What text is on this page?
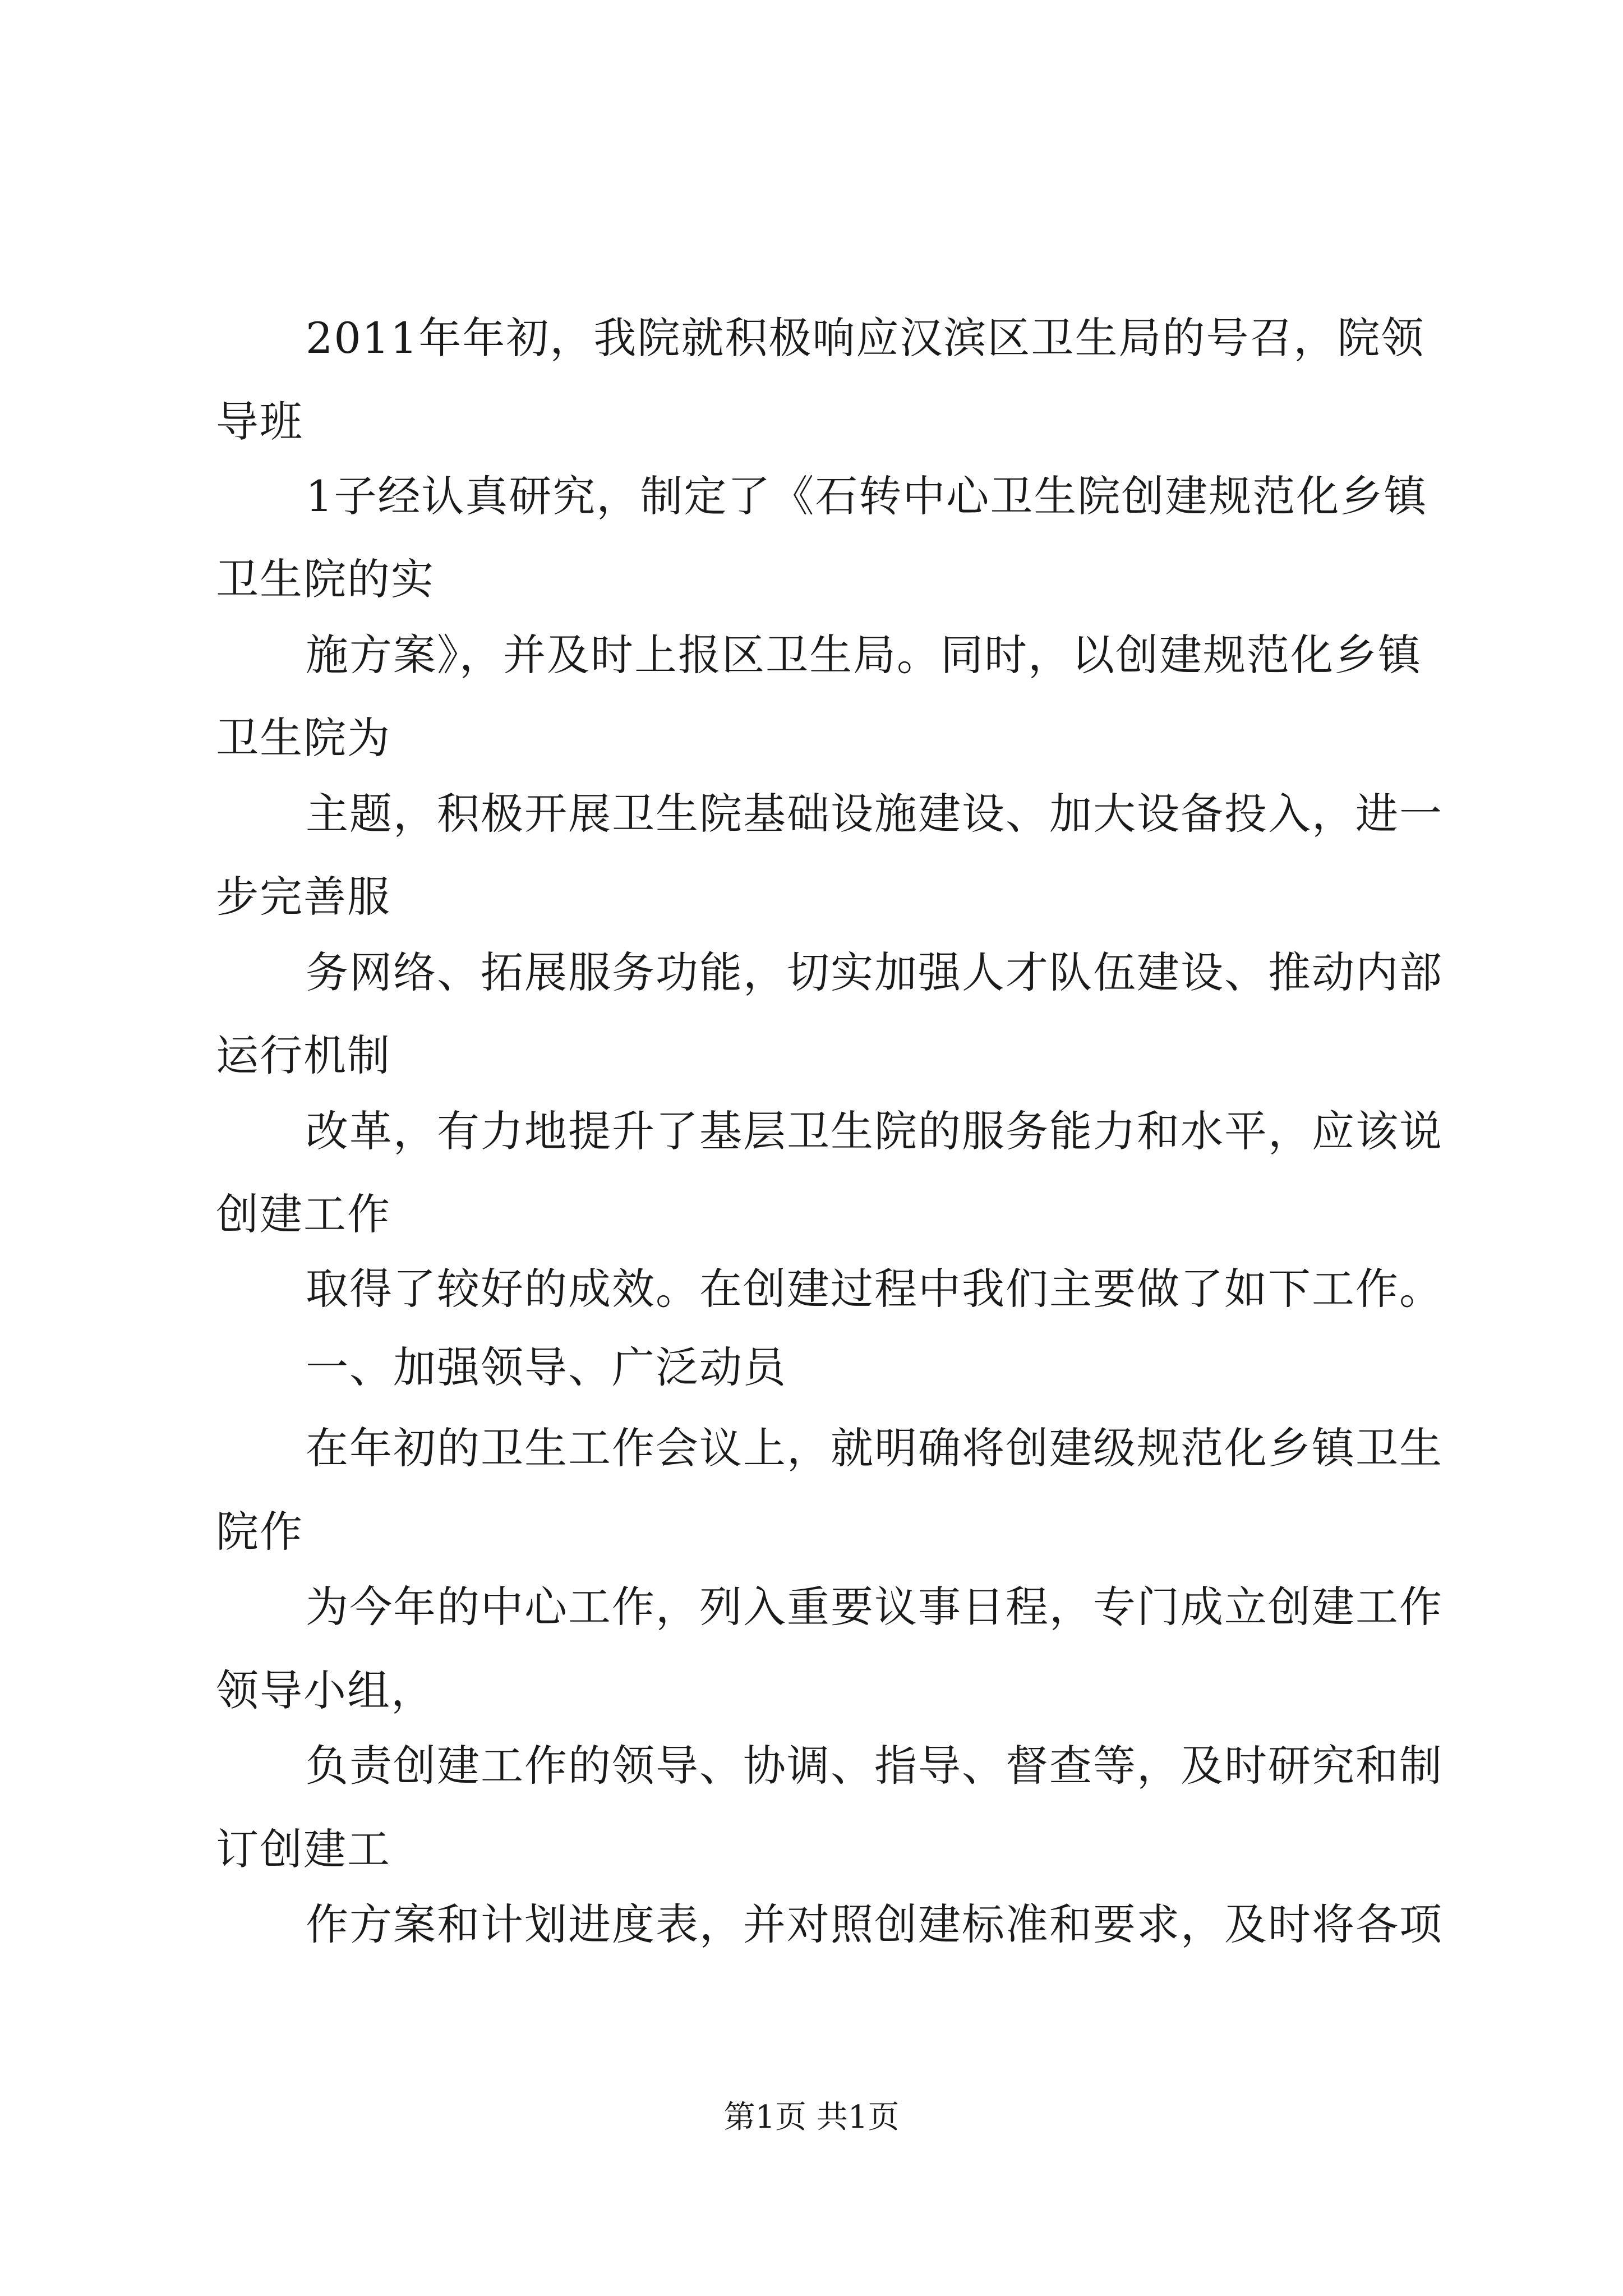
2011年年初，我院就积极响应汉滨区卫生局的号召，院领
导班
1子经认真研究，制定了《石转中心卫生院创建规范化乡镇
卫生院的实
施方案》，并及时上报区卫生局。同时，以创建规范化乡镇
卫生院为
主题，积极开展卫生院基础设施建设、加大设备投入，进一
步完善服
务网络、拓展服务功能，切实加强人才队伍建设、推动内部
运行机制
改革，有力地提升了基层卫生院的服务能力和水平，应该说
创建工作
取得了较好的成效。在创建过程中我们主要做了如下工作。
一、加强领导、广泛动员
在年初的卫生工作会议上，就明确将创建级规范化乡镇卫生
院作
为今年的中心工作，列入重要议事日程，专门成立创建工作
领导小组，
负责创建工作的领导、协调、指导、督查等，及时研究和制
订创建工
作方案和计划进度表，并对照创建标准和要求，及时将各项
第1页 共1页
